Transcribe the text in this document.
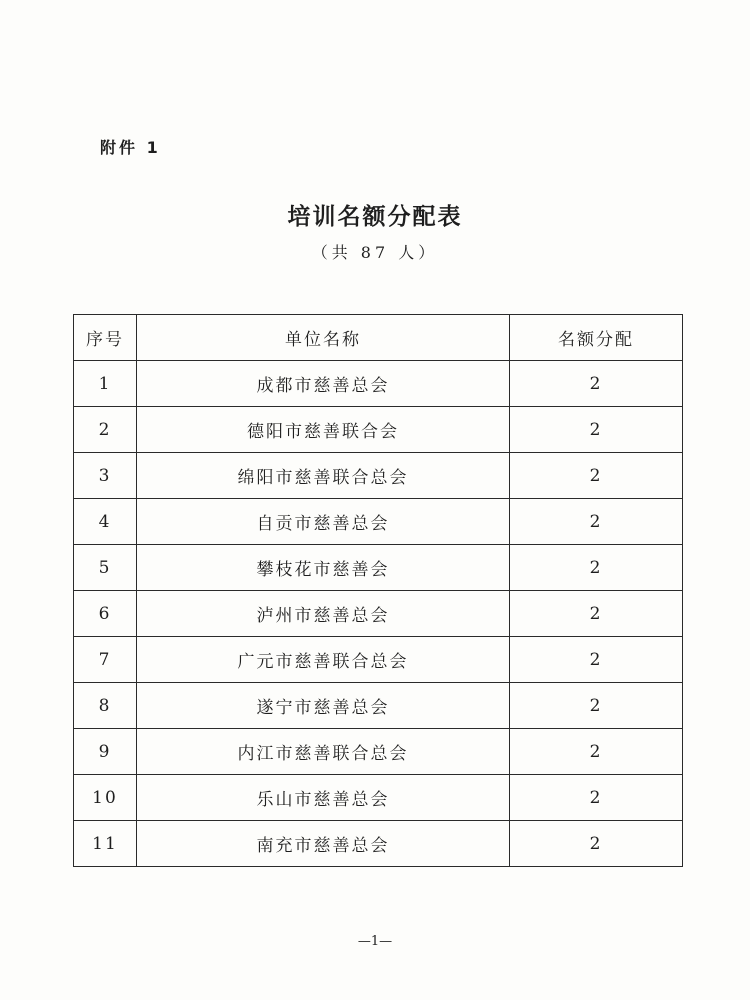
附件 1
培训名额分配表
（共 87 人）
序号	单位名称	名额分配
1	成都市慈善总会	2
2	德阳市慈善联合会	2
3	绵阳市慈善联合总会	2
4	自贡市慈善总会	2
5	攀枝花市慈善会	2
6	泸州市慈善总会	2
7	广元市慈善联合总会	2
8	遂宁市慈善总会	2
9	内江市慈善联合总会	2
10	乐山市慈善总会	2
11	南充市慈善总会	2
—1—
